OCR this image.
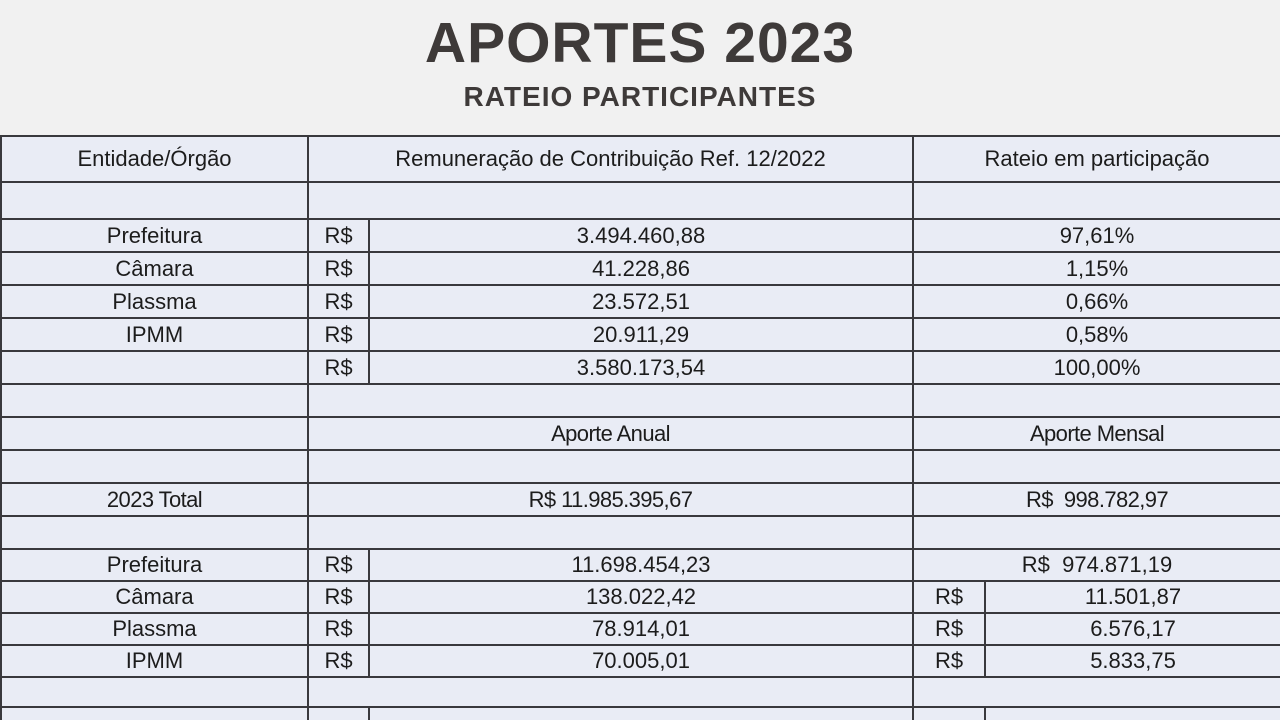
APORTES 2023
RATEIO PARTICIPANTES
Entidade/Órgão	Remuneração de Contribuição Ref. 12/2022		Rateio em participação	

Prefeitura	R$	3.494.460,88	97,61%	
Câmara	R$	41.228,86	1,15%	
Plassma	R$	23.572,51	0,66%	
IPMM	R$	20.911,29	0,58%	
	R$	3.580.173,54	100,00%	

	Aporte Anual		Aporte Mensal	

2023 Total	R$ 11.985.395,67		R$  998.782,97	

Prefeitura	R$	11.698.454,23	R$  974.871,19	
Câmara	R$	138.022,42	R$	11.501,87
Plassma	R$	78.914,01	R$	6.576,17
IPMM	R$	70.005,01	R$	5.833,75
